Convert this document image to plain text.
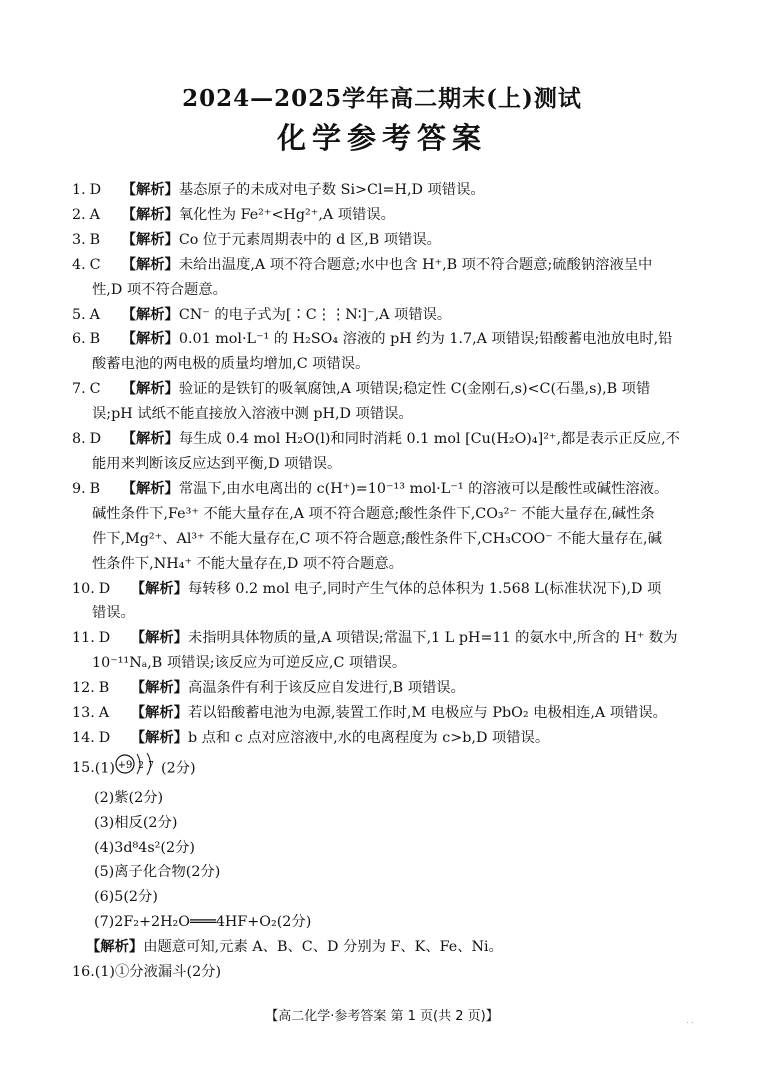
2024—2025学年高二期末(上)测试
化学参考答案
1. D 【解析】基态原子的未成对电子数 Si>Cl=H,D 项错误。
2. A 【解析】氧化性为 Fe²⁺<Hg²⁺,A 项错误。
3. B 【解析】Co 位于元素周期表中的 d 区,B 项错误。
4. C 【解析】未给出温度,A 项不符合题意;水中也含 H⁺,B 项不符合题意;硫酸钠溶液呈中
性,D 项不符合题意。
5. A 【解析】CN⁻ 的电子式为[∶C⋮⋮N∶]⁻,A 项错误。
6. B 【解析】0.01 mol·L⁻¹ 的 H₂SO₄ 溶液的 pH 约为 1.7,A 项错误;铅酸蓄电池放电时,铅
酸蓄电池的两电极的质量均增加,C 项错误。
7. C 【解析】验证的是铁钉的吸氧腐蚀,A 项错误;稳定性 C(金刚石,s)<C(石墨,s),B 项错
误;pH 试纸不能直接放入溶液中测 pH,D 项错误。
8. D 【解析】每生成 0.4 mol H₂O(l)和同时消耗 0.1 mol [Cu(H₂O)₄]²⁺,都是表示正反应,不
能用来判断该反应达到平衡,D 项错误。
9. B 【解析】常温下,由水电离出的 c(H⁺)=10⁻¹³ mol·L⁻¹ 的溶液可以是酸性或碱性溶液。
碱性条件下,Fe³⁺ 不能大量存在,A 项不符合题意;酸性条件下,CO₃²⁻ 不能大量存在,碱性条
件下,Mg²⁺、Al³⁺ 不能大量存在,C 项不符合题意;酸性条件下,CH₃COO⁻ 不能大量存在,碱
性条件下,NH₄⁺ 不能大量存在,D 项不符合题意。
10. D 【解析】每转移 0.2 mol 电子,同时产生气体的总体积为 1.568 L(标准状况下),D 项
错误。
11. D 【解析】未指明具体物质的量,A 项错误;常温下,1 L pH=11 的氨水中,所含的 H⁺ 数为
10⁻¹¹Nₐ,B 项错误;该反应为可逆反应,C 项错误。
12. B 【解析】高温条件有利于该反应自发进行,B 项错误。
13. A 【解析】若以铅酸蓄电池为电源,装置工作时,M 电极应与 PbO₂ 电极相连,A 项错误。
14. D 【解析】b 点和 c 点对应溶液中,水的电离程度为 c>b,D 项错误。
15.(1) +9 2 7 (2分)
(2)紫(2分)
(3)相反(2分)
(4)3d⁸4s²(2分)
(5)离子化合物(2分)
(6)5(2分)
(7)2F₂+2H₂O═══4HF+O₂(2分)
【解析】由题意可知,元素 A、B、C、D 分别为 F、K、Fe、Ni。
16.(1)①分液漏斗(2分)
【高二化学·参考答案 第 1 页(共 2 页)】	. .
